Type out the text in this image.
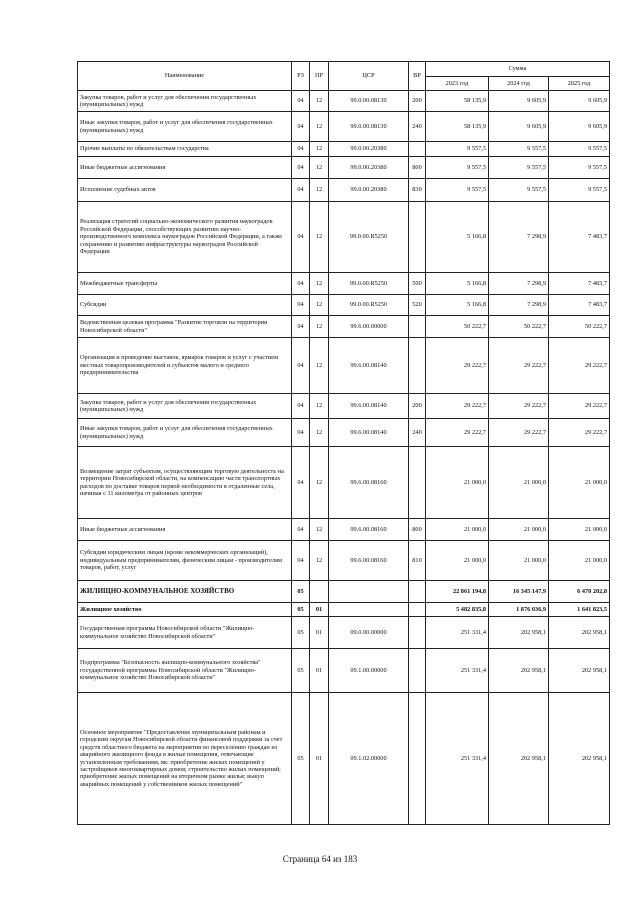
Наименование	РЗ	ПР	ЦСР	ВР	Сумма		
					2023 год	2024 год	2025 год
Закупка товаров, работ и услуг для обеспечения государственных (муниципальных) нужд	04	12	99.0.00.08130	200	58 135,9	9 605,9	9 605,9
Иные закупки товаров, работ и услуг для обеспечения государственных (муниципальных) нужд	04	12	99.0.00.08130	240	58 135,9	9 605,9	9 605,9
Прочие выплаты по обязательствам государства	04	12	99.0.00.20380		9 557,5	9 557,5	9 557,5
Иные бюджетные ассигнования	04	12	99.0.00.20380	800	9 557,5	9 557,5	9 557,5
Исполнение судебных актов	04	12	99.0.00.20380	830	9 557,5	9 557,5	9 557,5
Реализация стратегий социально-экономического развития наукоградов Российской Федерации, способствующих развитию научно-производственного комплекса наукоградов Российской Федерации, а также сохранению и развитию инфраструктуры наукоградов Российской Федерации	04	12	99.0.00.R5250		5 166,8	7 298,9	7 483,7
Межбюджетные трансферты	04	12	99.0.00.R5250	500	5 166,8	7 298,9	7 483,7
Субсидии	04	12	99.0.00.R5250	520	5 166,8	7 298,9	7 483,7
Ведомственная целевая программа "Развитие торговли на территории Новосибирской области"	04	12	99.6.00.00000		50 222,7	50 222,7	50 222,7
Организация и проведение выставок, ярмарок товаров и услуг с участием местных товаропроизводителей и субъектов малого и среднего предпринимательства	04	12	99.6.00.08140		29 222,7	29 222,7	29 222,7
Закупка товаров, работ и услуг для обеспечения государственных (муниципальных) нужд	04	12	99.6.00.08140	200	29 222,7	29 222,7	29 222,7
Иные закупки товаров, работ и услуг для обеспечения государственных (муниципальных) нужд	04	12	99.6.00.08140	240	29 222,7	29 222,7	29 222,7
Возмещение затрат субъектам, осуществляющим торговую деятельность на территории Новосибирской области, на компенсацию части транспортных расходов по доставке товаров первой необходимости в отдаленные села, начиная с 11 километра от районных центров	04	12	99.6.00.08160		21 000,0	21 000,0	21 000,0
Иные бюджетные ассигнования	04	12	99.6.00.08160	800	21 000,0	21 000,0	21 000,0
Субсидии юридическим лицам (кроме некоммерческих организаций), индивидуальным предпринимателям, физическим лицам - производителям товаров, работ, услуг	04	12	99.6.00.08160	810	21 000,0	21 000,0	21 000,0
ЖИЛИЩНО-КОММУНАЛЬНОЕ ХОЗЯЙСТВО	05				22 861 194,8	16 345 147,9	6 470 202,8
Жилищное хозяйство	05	01			5 482 835,8	1 876 036,9	1 641 823,5
Государственная программа Новосибирской области "Жилищно-коммунальное хозяйство Новосибирской области"	05	01	09.0.00.00000		251 331,4	202 958,1	202 958,1
Подпрограмма "Безопасность жилищно-коммунального хозяйства" государственной программы Новосибирской области "Жилищно-коммунальное хозяйство Новосибирской области"	05	01	09.1.00.00000		251 331,4	202 958,1	202 958,1
Основное мероприятие "Предоставление муниципальным районам и городским округам Новосибирской области финансовой поддержки за счет средств областного бюджета на мероприятия по переселению граждан из аварийного жилищного фонда в жилые помещения, отвечающие установленным требованиям, вк: приобретение жилых помещений у застройщиков многоквартирных домов; строительство жилых помещений; приобретение жилых помещений на вторичном рынке жилья; выкуп аварийных помещений у собственников жилых помещений"	05	01	09.1.02.00000		251 331,4	202 958,1	202 958,1
Страница 64 из 183
